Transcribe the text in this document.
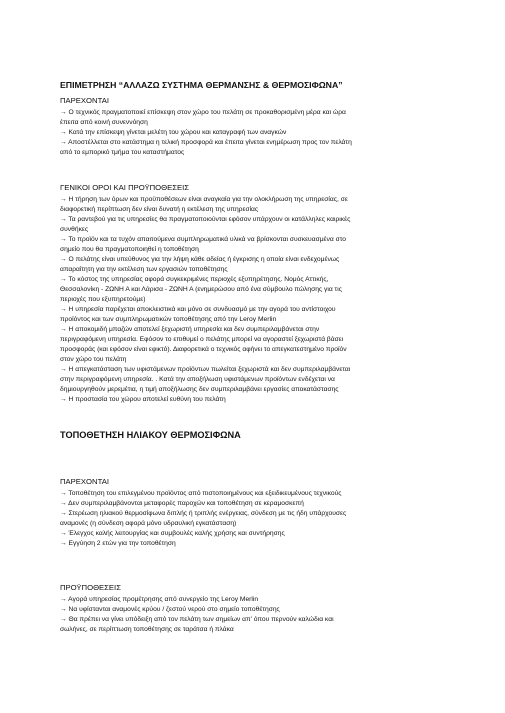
ΕΠΙΜΕΤΡΗΣΗ “ΑΛΛΑΖΩ ΣΥΣΤΗΜΑ ΘΕΡΜΑΝΣΗΣ & ΘΕΡΜΟΣΙΦΩΝΑ”

ΠΑΡΕΧΟΝΤΑΙ

→ Ο τεχνικός πραγματοποιεί επίσκεψη στον χώρο του πελάτη σε προκαθορισμένη μέρα και ώρα

έπειτα από κοινή συνεννόηση

→ Κατά την επίσκεψη γίνεται μελέτη του χώρου και καταγραφή των αναγκών

→ Αποστέλλεται στο κατάστημα η τελική προσφορά και έπειτα γίνεται ενημέρωση προς τον πελάτη

από το εμπορικό τμήμα του καταστήματος

ΓΕΝΙΚΟΙ ΟΡΟΙ ΚΑΙ ΠΡΟΫΠΟΘΕΣΕΙΣ

→ Η τήρηση των όρων και προϋποθέσεων είναι αναγκαία για την ολοκλήρωση της υπηρεσίας, σε

διαφορετική περίπτωση δεν είναι δυνατή η εκτέλεση της υπηρεσίας

→ Τα ραντεβού για τις υπηρεσίες θα πραγματοποιούνται εφόσον υπάρχουν οι κατάλληλες καιρικές

συνθήκες

→ Το προϊόν και τα τυχόν απαιτούμενα συμπληρωματικά υλικά να βρίσκονται συσκευασμένα στο

σημείο που θα πραγματοποιηθεί η τοποθέτηση

→ Ο πελάτης είναι υπεύθυνος για την λήψη κάθε αδείας ή έγκρισης η οποία είναι ενδεχομένως

απαραίτητη για την εκτέλεση των εργασιών τοποθέτησης

→ Το κόστος της υπηρεσίας αφορά συγκεκριμένες περιοχές εξυπηρέτησης. Νομός Αττικής,

Θεσσαλονίκη - ΖΩΝΗ Α και Λάρισα - ΖΩΝΗ Α (ενημερώσου από ένα σύμβουλο πώλησης για τις

περιοχές που εξυπηρετούμε)

→ Η υπηρεσία παρέχεται αποκλειστικά και μόνο σε συνδυασμό με την αγορά του αντίστοιχου

προϊόντος και των συμπληρωματικών τοποθέτησης από την Leroy Merlin

→ Η αποκομιδή μπαζών αποτελεί ξεχωριστή υπηρεσία και δεν συμπεριλαμβάνεται στην

περιγραφόμενη υπηρεσία. Εφόσον το επιθυμεί ο πελάτης μπορεί να αγοραστεί ξεχωριστά βάσει

προσφοράς (και εφόσον είναι εφικτό). Διαφορετικά ο τεχνικός αφήνει το απεγκατεστημένο προϊόν

στον χώρο του πελάτη

→ Η απεγκατάσταση των υφιστάμενων προϊόντων πωλείται ξεχωριστά και δεν συμπεριλαμβάνεται

στην περιγραφόμενη υπηρεσία. . Κατά την αποξήλωση υφιστάμενων προϊόντων ενδέχεται να

δημιουργηθούν μερεμέτια, η τιμή αποξήλωσης δεν συμπεριλαμβάνει εργασίες αποκατάστασης

→ Η προστασία του χώρου αποτελεί ευθύνη του πελάτη

ΤΟΠΟΘΕΤΗΣΗ ΗΛΙΑΚΟΥ ΘΕΡΜΟΣΙΦΩΝΑ

ΠΑΡΕΧΟΝΤΑΙ

→ Τοποθέτηση του επιλεγμένου προϊόντος από πιστοποιημένους και εξειδικευμένους τεχνικούς

→ Δεν συμπεριλαμβάνονται μεταφορές παροχών και τοποθέτηση σε κεραμοσκεπή

→ Στερέωση ηλιακού θερμοσίφωνα διπλής ή τριπλής ενέργειας, σύνδεση με τις ήδη υπάρχουσες

αναμονές (η σύνδεση αφορά μόνο υδραυλική εγκατάσταση)

→ Έλεγχος καλής λειτουργίας και συμβουλές καλής χρήσης και συντήρησης

→ Εγγύηση 2 ετών για την τοποθέτηση

ΠΡΟΫΠΟΘΕΣΕΙΣ

→ Αγορά υπηρεσίας προμέτρησης από συνεργείο της Leroy Merlin

→ Να υφίστανται αναμονές κρύου / ζεστού νερού στο σημείο τοποθέτησης

→ Θα πρέπει να γίνει υπόδειξη από τον πελάτη των σημείων απ’ όπου περνούν καλώδια και

σωλήνες, σε περίπτωση τοποθέτησης σε ταράτσα ή πλάκα
